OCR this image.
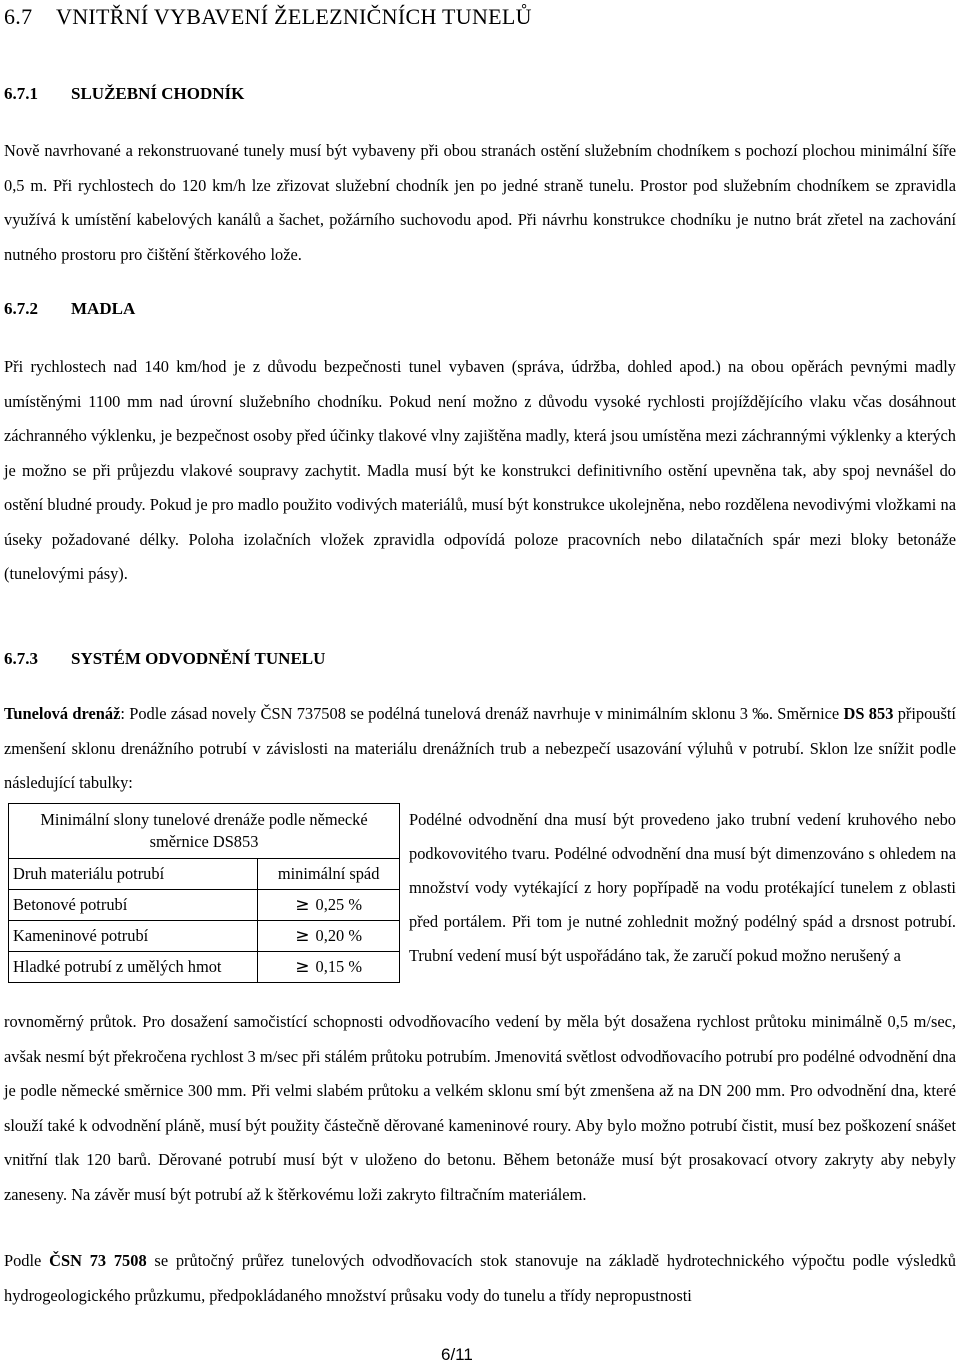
6.7 VNITŘNÍ VYBAVENÍ ŽELEZNIČNÍCH TUNELŮ
6.7.1 SLUŽEBNÍ CHODNÍK

Nově navrhované a rekonstruované tunely musí být vybaveny při obou stranách ostění služebním chodníkem s pochozí plochou minimální šíře 0,5 m. Při rychlostech do 120 km/h lze zřizovat služební chodník jen po jedné straně tunelu. Prostor pod služebním chodníkem se zpravidla využívá k umístění kabelových kanálů a šachet, požárního suchovodu apod. Při návrhu konstrukce chodníku je nutno brát zřetel na zachování nutného prostoru pro čištění štěrkového lože.

6.7.2 MADLA

Při rychlostech nad 140 km/hod je z důvodu bezpečnosti tunel vybaven (správa, údržba, dohled apod.) na obou opěrách pevnými madly umístěnými 1100 mm nad úrovní služebního chodníku. Pokud není možno z důvodu vysoké rychlosti projíždějícího vlaku včas dosáhnout záchranného výklenku, je bezpečnost osoby před účinky tlakové vlny zajištěna madly, která jsou umístěna mezi záchrannými výklenky a kterých je možno se při průjezdu vlakové soupravy zachytit. Madla musí být ke konstrukci definitivního ostění upevněna tak, aby spoj nevnášel do ostění bludné proudy. Pokud je pro madlo použito vodivých materiálů, musí být konstrukce ukolejněna, nebo rozdělena nevodivými vložkami na úseky požadované délky. Poloha izolačních vložek zpravidla odpovídá poloze pracovních nebo dilatačních spár mezi bloky betonáže (tunelovými pásy).

6.7.3 SYSTÉM ODVODNĚNÍ TUNELU

Tunelová drenáž: Podle zásad novely ČSN 737508 se podélná tunelová drenáž navrhuje v minimálním sklonu 3 ‰. Směrnice DS 853 připouští zmenšení sklonu drenážního potrubí v závislosti na materiálu drenážních trub a nebezpečí usazování výluhů v potrubí. Sklon lze snížit podle následující tabulky:

Minimální slony tunelové drenáže podle německé směrnice DS853	
Druh materiálu potrubí	minimální spád
Betonové potrubí	≥ 0,25 %
Kameninové potrubí	≥ 0,20 %
Hladké potrubí z umělých hmot	≥ 0,15 %

Podélné odvodnění dna musí být provedeno jako trubní vedení kruhového nebo podkovovitého tvaru. Podélné odvodnění dna musí být dimenzováno s ohledem na množství vody vytékající z hory popřípadě na vodu protékající tunelem z oblasti před portálem. Při tom je nutné zohlednit možný podélný spád a drsnost potrubí. Trubní vedení musí být uspořádáno tak, že zaručí pokud možno nerušený a

rovnoměrný průtok. Pro dosažení samočistící schopnosti odvodňovacího vedení by měla být dosažena rychlost průtoku minimálně 0,5 m/sec, avšak nesmí být překročena rychlost 3 m/sec při stálém průtoku potrubím. Jmenovitá světlost odvodňovacího potrubí pro podélné odvodnění dna je podle německé směrnice 300 mm. Při velmi slabém průtoku a velkém sklonu smí být zmenšena až na DN 200 mm. Pro odvodnění dna, které slouží také k odvodnění pláně, musí být použity částečně děrované kameninové roury. Aby bylo možno potrubí čistit, musí bez poškození snášet vnitřní tlak 120 barů. Děrované potrubí musí být v uloženo do betonu. Během betonáže musí být prosakovací otvory zakryty aby nebyly zaneseny. Na závěr musí být potrubí až k štěrkovému loži zakryto filtračním materiálem.

Podle ČSN 73 7508 se průtočný průřez tunelových odvodňovacích stok stanovuje na základě hydrotechnického výpočtu podle výsledků hydrogeologického průzkumu, předpokládaného množství průsaku vody do tunelu a třídy nepropustnosti

6/11
